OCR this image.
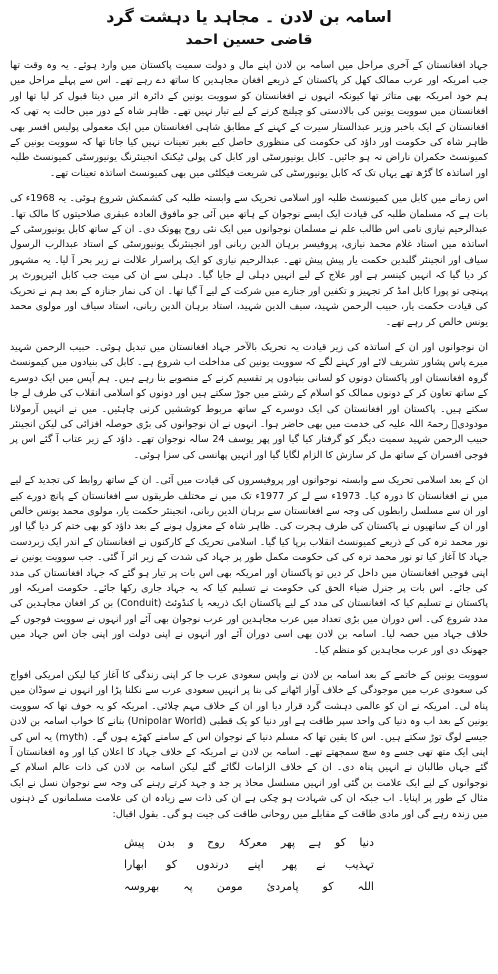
اسامہ بن لادن ۔ مجاہد یا دہشت گرد
قاضی حسین احمد

جہاد افغانستان کے آخری مراحل میں اسامہ بن لادن اپنے مال و دولت سمیت پاکستان میں وارد ہوئے۔ یہ وہ وقت تھا جب امریکہ اور عرب ممالک کھل کر پاکستان کے ذریعے افغان مجاہدین کا ساتھ دے رہے تھے۔ اس سے پہلے مراحل میں ہم خود امریکہ بھی متاثر تھا کیونکہ انہوں نے افغانستان کو سوویت یونین کے دائرہ اثر میں دیتا قبول کر لیا تھا اور افغانستان میں سوویت یونین کی بالادستی کو چیلنج کرنے کے لیے تیار نہیں تھے۔ ظاہر شاہ کے دور میں حالت یہ تھی کہ افغانستان کے ایک باخبر وزیر عبدالستار سیرت کے کہنے کے مطابق شاہی افغانستان میں ایک معمولی پولیس افسر بھی ظاہر شاہ کی حکومت اور داؤد کی حکومت کی منظوری حاصل کیے بغیر تعینات نہیں کیا جاتا تھا کہ سوویت یونین کے کمیونسٹ حکمران ناراض نہ ہو جائیں۔ کابل یونیورسٹی اور کابل کی پولی ٹیکنک انجینئرنگ یونیورسٹی کمیونسٹ طلبہ اور اساتذہ کا گڑھ تھے یہاں تک کہ کابل یونیورسٹی کی شریعت فیکلٹی میں بھی کمیونسٹ اساتذہ تعینات تھے۔

اس زمانے میں کابل میں کمیونسٹ طلبہ اور اسلامی تحریک سے وابستہ طلبہ کی کشمکش شروع ہوئی۔ یہ 1968ء کی بات ہے کہ مسلمان طلبہ کی قیادت ایک ایسے نوجوان کے ہاتھ میں آئی جو مافوق العادہ عبقری صلاحیتوں کا مالک تھا۔ عبدالرحیم نیازی نامی اس طالب علم نے مسلمان نوجوانوں میں ایک نئی روح پھونک دی۔ ان کے ساتھ کابل یونیورسٹی کے اساتذہ میں استاد غلام محمد نیازی، پروفیسر برہان الدین ربانی اور انجینئرنگ یونیورسٹی کے استاد عبدالرب الرسول سیاف اور انجینئر گلبدین حکمت یار پیش پیش تھے۔ عبدالرحیم نیازی کو ایک پراسرار علالت نے زیر بحر آ لیا۔ یہ مشہور کر دیا گیا کہ انہیں کینسر ہے اور علاج کے لیے انہیں دہلی لے جایا گیا۔ دہلی سے ان کی میت جب کابل ائیرپورٹ پر پہنچی تو پورا کابل امڈ کر تجہیز و تکفین اور جنازے میں شرکت کے لیے آ گیا تھا۔ ان کی نماز جنازہ کے بعد ہم نے تحریک کی قیادت حکمت یار، حبیب الرحمن شہید، سیف الدین شہید، استاد برہان الدین ربانی، استاد سیاف اور مولوی محمد یونس خالص کر رہے تھے۔

ان نوجوانوں اور ان کے اساتذہ کی زیر قیادت یہ تحریک بالآخر جہاد افغانستان میں تبدیل ہوئی۔ حبیب الرحمن شہید میرے پاس پشاور تشریف لائے اور کہنے لگے کہ سوویت یونین کی مداخلت اب شروع ہے۔ کابل کی بنیادوں میں کیمونسٹ گروہ افغانستان اور پاکستان دونوں کو لسانی بنیادوں پر تقسیم کرنے کے منصوبے بنا رہے ہیں۔ ہم آپس میں ایک دوسرے کے ساتھ تعاون کر کے دونوں ممالک کو اسلام کے رشتے میں جوڑ سکتے ہیں اور دونوں کو اسلامی انقلاب کی طرف لے جا سکتے ہیں۔ پاکستان اور افغانستان کی ایک دوسرے کے ساتھ مربوط کوششیں کرنی چاہئیں۔ میں نے انہیں آرمولانا مودودیؒ رحمۃ اللہ علیہ کی خدمت میں بھی حاضر ہوا۔ انہوں نے ان نوجوانوں کی بڑی حوصلہ افزائی کی لیکن انجینئر حبیب الرحمن شہید سمیت دیگر کو گرفتار کیا گیا اور پھر یوسف 24 سالہ نوجوان تھے۔ داؤد کے زیر عتاب آ گئے اس پر فوجی افسران کے ساتھ مل کر سازش کا الزام لگایا گیا اور انہیں پھانسی کی سزا ہوئی۔

ان کے بعد اسلامی تحریک سے وابستہ نوجوانوں اور پروفیسروں کی قیادت میں آئی۔ ان کے ساتھ روابط کی تجدید کے لیے میں نے افغانستان کا دورہ کیا۔ 1973ء سے لے کر 1977ء تک میں نے مختلف طریقوں سے افغانستان کے پانچ دورے کیے اور ان سے مسلسل رابطوں کی وجہ سے افغانستان سے برہان الدین ربانی، انجینئر حکمت یار، مولوی محمد یونس خالص اور ان کے ساتھیوں نے پاکستان کی طرف ہجرت کی۔ ظاہر شاہ کے معزول ہونے کے بعد داؤد کو بھی ختم کر دیا گیا اور نور محمد ترہ کی کے ذریعے کمیونسٹ انقلاب برپا کیا گیا۔ اسلامی تحریک کے کارکنوں نے افغانستان کے اندر ایک زبردست جہاد کا آغاز کیا تو نور محمد ترہ کی کی حکومت مکمل طور پر جہاد کی شدت کے زیر اثر آ گئی۔ جب سوویت یونین نے اپنی فوجیں افغانستان میں داخل کر دیں تو پاکستان اور امریکہ بھی اس بات پر تیار ہو گئے کہ جہاد افغانستان کی مدد کی جائے۔ اس بات پر جنرل ضیاء الحق کی حکومت نے تسلیم کیا کہ یہ جہاد جاری رکھا جائے۔ حکومت امریکہ اور پاکستان نے تسلیم کیا کہ افغانستان کی مدد کے لیے پاکستان ایک ذریعہ یا کنڈوئٹ (Conduit) بن کر افغان مجاہدین کی مدد شروع کی۔ اس دوران میں بڑی تعداد میں عرب مجاہدین اور عرب نوجوان بھی آئے اور انہوں نے سوویت فوجوں کے خلاف جہاد میں حصہ لیا۔ اسامہ بن لادن بھی اسی دوران آئے اور انہوں نے اپنی دولت اور اپنی جان اس جہاد میں جھونک دی اور عرب مجاہدین کو منظم کیا۔

سوویت یونین کے خاتمے کے بعد اسامہ بن لادن نے واپس سعودی عرب جا کر اپنی زندگی کا آغاز کیا لیکن امریکی افواج کی سعودی عرب میں موجودگی کے خلاف آواز اٹھانے کی بنا پر انہیں سعودی عرب سے نکلنا پڑا اور انہوں نے سوڈان میں پناہ لی۔ امریکہ نے ان کو عالمی دہشت گرد قرار دیا اور ان کے خلاف مہم چلائی۔ امریکہ کو یہ خوف تھا کہ سوویت یونین کے بعد اب وہ دنیا کی واحد سپر طاقت ہے اور دنیا کو یک قطبی (Unipolar World) بنانے کا خواب اسامہ بن لادن جیسے لوگ توڑ سکتے ہیں۔ اس کا یقین تھا کہ مسلم دنیا کے نوجوان اس کے سامنے کھڑے ہوں گے۔ (myth) یہ اس کی اپنی ایک متھ تھی جسے وہ سچ سمجھتے تھے۔ اسامہ بن لادن نے امریکہ کے خلاف جہاد کا اعلان کیا اور وہ افغانستان آ گئے جہاں طالبان نے انہیں پناہ دی۔ ان کے خلاف الزامات لگائے گئے لیکن اسامہ بن لادن کی ذات عالم اسلام کے نوجوانوں کے لیے ایک علامت بن گئی اور انہیں مسلسل محاذ پر جد و جہد کرتے رہنے کی وجہ سے نوجوان نسل نے ایک مثال کے طور پر اپنایا۔ اب جبکہ ان کی شہادت ہو چکی ہے ان کی ذات سے زیادہ ان کی علامت مسلمانوں کے ذہنوں میں زندہ رہے گی اور مادی طاقت کے مقابلے میں روحانی طاقت کی جیت ہو گی۔ بقول اقبال:

دنیا کو ہے پھر معرکۂ روح و بدن پیش

تہذیب نے پھر اپنے درندوں کو ابھارا

اللہ کو پامردیٔ مومن پہ بھروسہ
